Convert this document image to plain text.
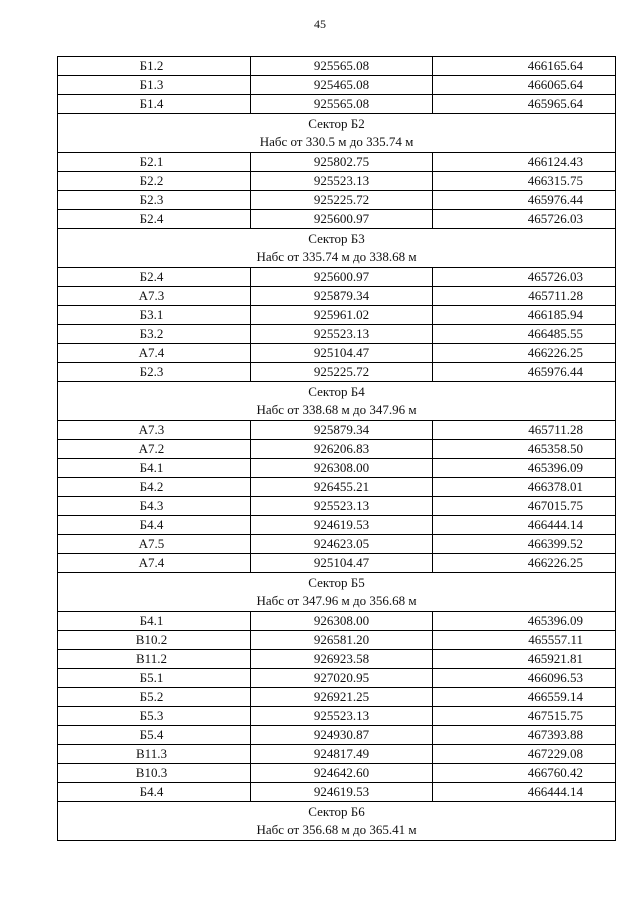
45
Б1.2	925565.08	466165.64
Б1.3	925465.08	466065.64
Б1.4	925565.08	465965.64

Сектор Б2
Набс от 330.5 м до 335.74 м		

Б2.1	925802.75	466124.43
Б2.2	925523.13	466315.75
Б2.3	925225.72	465976.44
Б2.4	925600.97	465726.03

Сектор Б3
Набс от 335.74 м до 338.68 м		

Б2.4	925600.97	465726.03
А7.3	925879.34	465711.28
Б3.1	925961.02	466185.94
Б3.2	925523.13	466485.55
А7.4	925104.47	466226.25
Б2.3	925225.72	465976.44

Сектор Б4
Набс от 338.68 м до 347.96 м		

А7.3	925879.34	465711.28
А7.2	926206.83	465358.50
Б4.1	926308.00	465396.09
Б4.2	926455.21	466378.01
Б4.3	925523.13	467015.75
Б4.4	924619.53	466444.14
А7.5	924623.05	466399.52
А7.4	925104.47	466226.25

Сектор Б5
Набс от 347.96 м до 356.68 м		

Б4.1	926308.00	465396.09
В10.2	926581.20	465557.11
В11.2	926923.58	465921.81
Б5.1	927020.95	466096.53
Б5.2	926921.25	466559.14
Б5.3	925523.13	467515.75
Б5.4	924930.87	467393.88
В11.3	924817.49	467229.08
В10.3	924642.60	466760.42
Б4.4	924619.53	466444.14

Сектор Б6
Набс от 356.68 м до 365.41 м		
